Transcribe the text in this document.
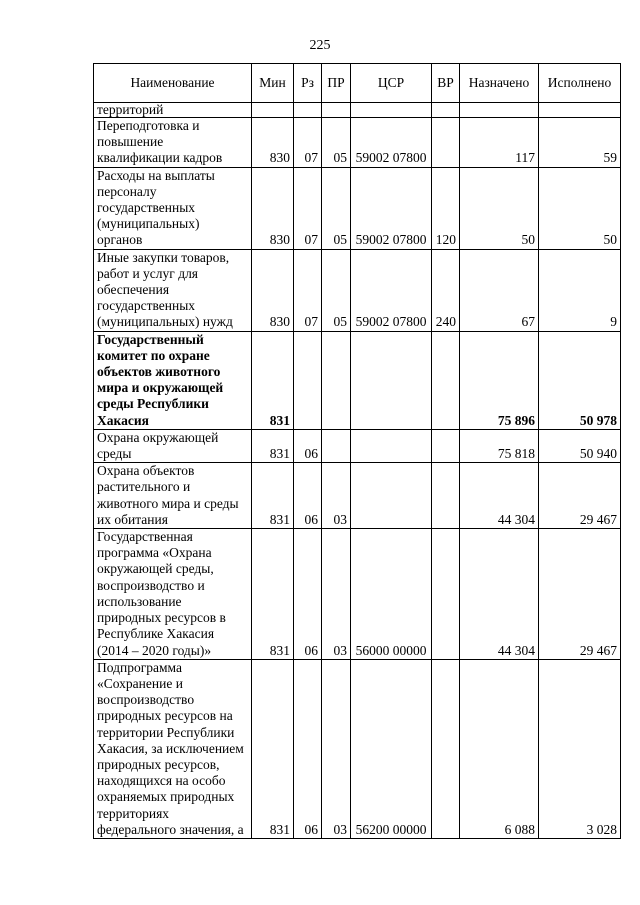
225
Наименование	Мин	Рз	ПР	ЦСР	ВР	Назначено	Исполнено
территорий							
Переподготовка и повышение квалификации кадров	830	07	05	59002 07800		117	59
Расходы на выплаты персоналу государственных (муниципальных) органов	830	07	05	59002 07800	120	50	50
Иные закупки товаров, работ и услуг для обеспечения государственных (муниципальных) нужд	830	07	05	59002 07800	240	67	9
Государственный комитет по охране объектов животного мира и окружающей среды Республики Хакасия	831					75 896	50 978
Охрана окружающей среды	831	06				75 818	50 940
Охрана объектов растительного и животного мира и среды их обитания	831	06	03			44 304	29 467
Государственная программа «Охрана окружающей среды, воспроизводство и использование природных ресурсов в Республике Хакасия (2014 – 2020 годы)»	831	06	03	56000 00000		44 304	29 467
Подпрограмма «Сохранение и воспроизводство природных ресурсов на территории Республики Хакасия, за исключением природных ресурсов, находящихся на особо охраняемых природных территориях федерального значения, а	831	06	03	56200 00000		6 088	3 028
